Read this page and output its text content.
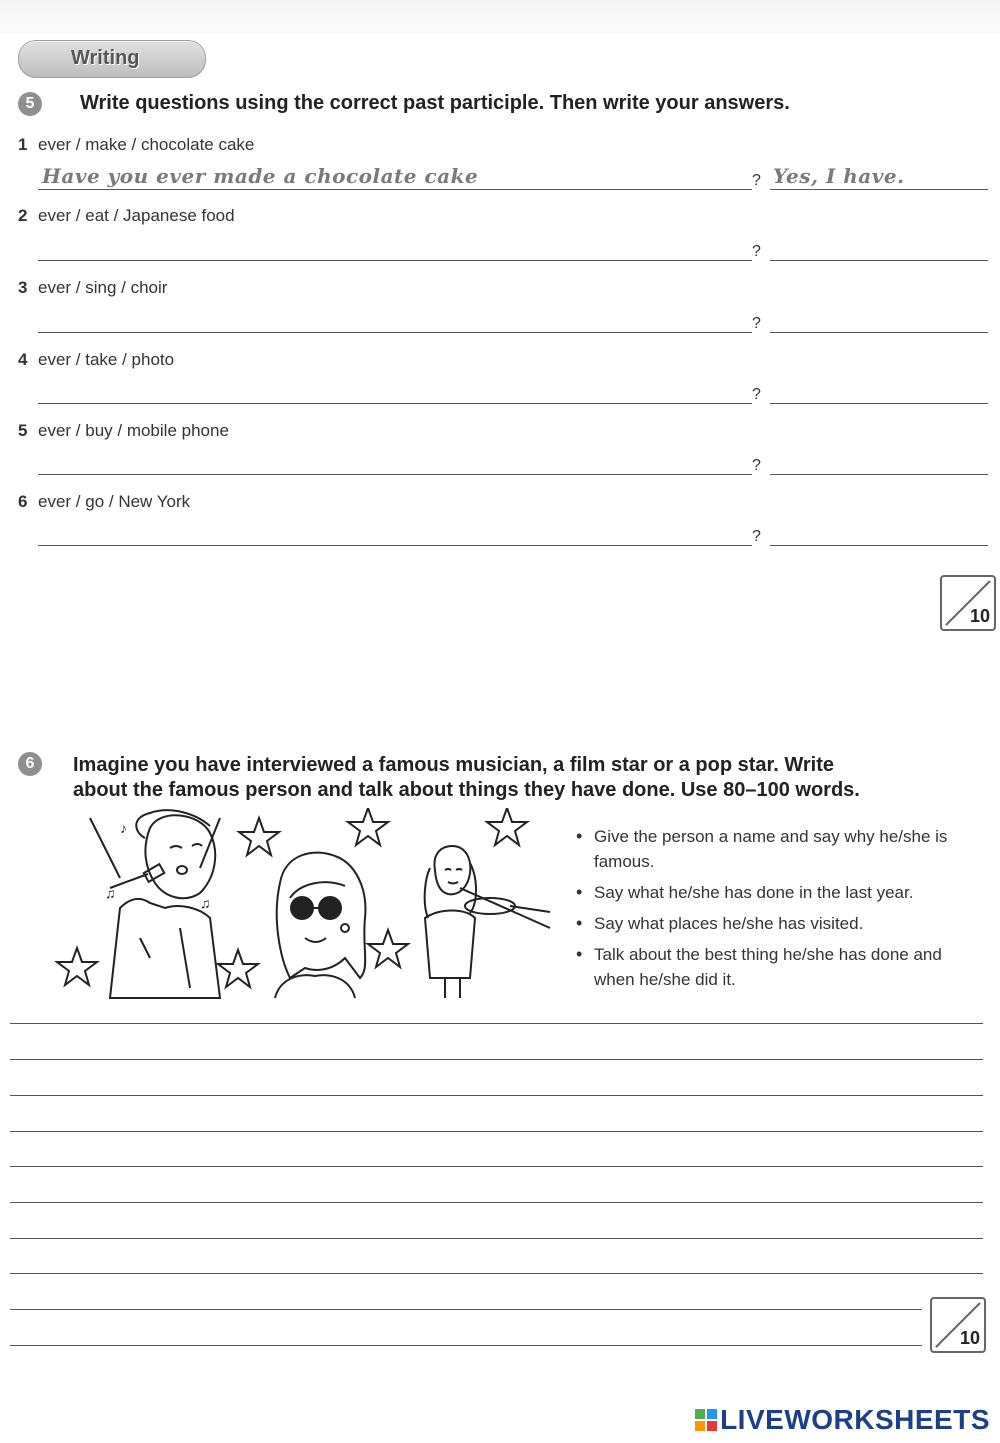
Writing
5	Write questions using the correct past participle. Then write your answers.
1 ever / make / chocolate cake
Have you ever made a chocolate cake	? Yes, I have.
2 ever / eat / Japanese food
?
3 ever / sing / choir
?
4 ever / take / photo
?
5 ever / buy / mobile phone
?
6 ever / go / New York
?
10
6	Imagine you have interviewed a famous musician, a film star or a pop star. Write
about the famous person and talk about things they have done. Use 80–100 words.
♪
♫
♫
• Give the person a name and say why he/she is famous.
• Say what he/she has done in the last year.
• Say what places he/she has visited.
• Talk about the best thing he/she has done and when he/she did it.
10
LIVEWORKSHEETS
